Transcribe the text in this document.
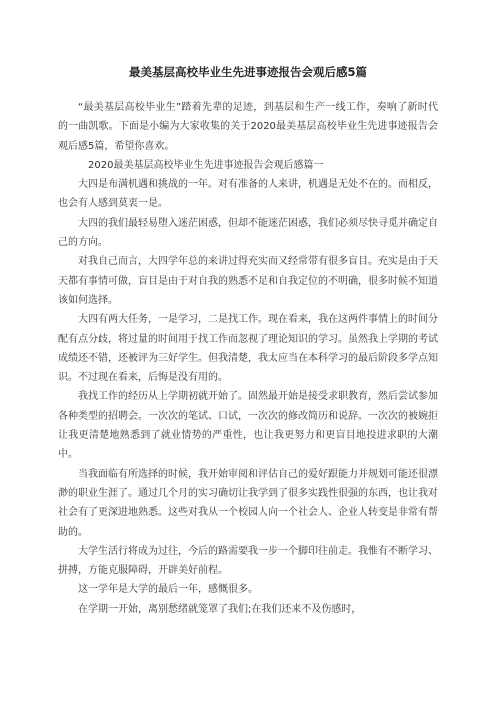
最美基层高校毕业生先进事迹报告会观后感5篇

“最美基层高校毕业生”踏着先辈的足迹，到基层和生产一线工作，奏响了新时代的一曲凯歌。下面是小编为大家收集的关于2020最美基层高校毕业生先进事迹报告会观后感5篇，希望你喜欢。

2020最美基层高校毕业生先进事迹报告会观后感篇一

大四是布满机遇和挑战的一年。对有准备的人来讲，机遇是无处不在的。而相反，也会有人感到莫衷一是。

大四的我们最轻易堕入迷茫困惑，但却不能迷茫困惑，我们必须尽快寻觅并确定自己的方向。

对我自己而言，大四学年总的来讲过得充实而又经常带有很多盲目。充实是由于天天都有事情可做，盲目是由于对自我的熟悉不足和自我定位的不明确，很多时候不知道该如何选择。

大四有两大任务，一是学习，二是找工作。现在看来，我在这两件事情上的时间分配有点分歧，将过量的时间用于找工作而忽视了理论知识的学习。虽然我上学期的考试成绩还不错，还被评为三好学生。但我清楚，我太应当在本科学习的最后阶段多学点知识。不过现在看来，后悔是没有用的。

我找工作的经历从上学期初就开始了。固然最开始是接受求职教育，然后尝试参加各种类型的招聘会。一次次的笔试、口试，一次次的修改简历和说辞。一次次的被婉拒让我更清楚地熟悉到了就业情势的严重性，也让我更努力和更盲目地投进求职的大潮中。

当我面临有所选择的时候，我开始审阅和评估自己的爱好跟能力并规划可能还很漂渺的职业生涯了。通过几个月的实习确切让我学到了很多实践性很强的东西，也让我对社会有了更深进地熟悉。这些对我从一个校园人向一个社会人、企业人转变是非常有帮助的。

大学生活行将成为过往，今后的路需要我一步一个脚印往前走。我惟有不断学习、拼搏，方能克服障碍，开辟美好前程。

这一学年是大学的最后一年，感慨很多。

在学期一开始，离别愁绪就笼罩了我们;在我们还来不及伤感时，
